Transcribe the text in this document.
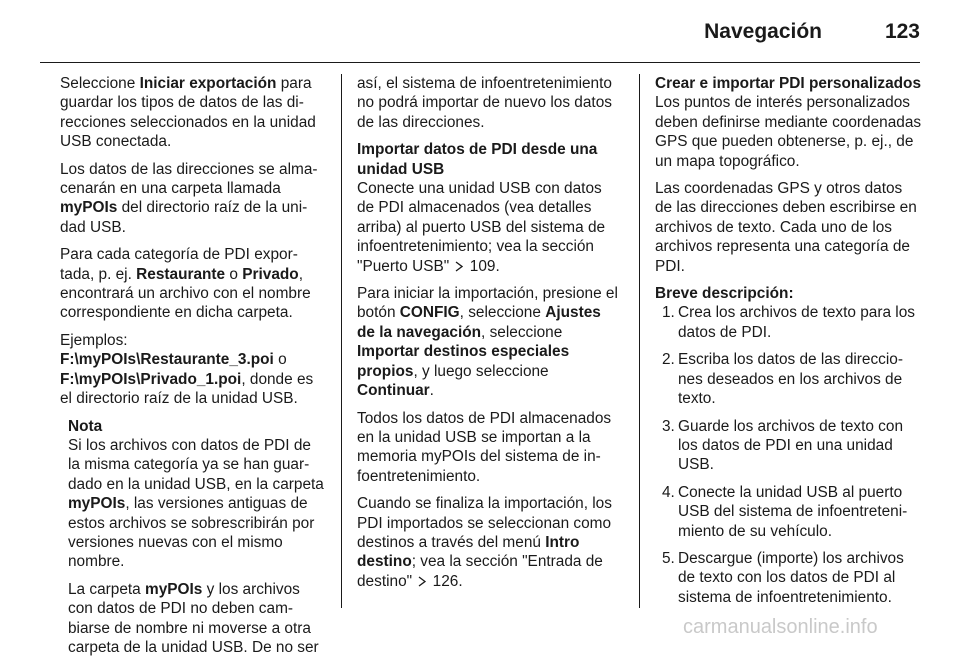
Navegación	123

Seleccione Iniciar exportación para guardar los tipos de datos de las direcciones seleccionados en la unidad USB conectada.

Los datos de las direcciones se almacenarán en una carpeta llamada myPOIs del directorio raíz de la unidad USB.

Para cada categoría de PDI exportada, p. ej. Restaurante o Privado, encontrará un archivo con el nombre correspondiente en dicha carpeta.

Ejemplos:
F:\myPOIs\Restaurante_3.poi o
F:\myPOIs\Privado_1.poi, donde es el directorio raíz de la unidad USB.

Nota

Si los archivos con datos de PDI de la misma categoría ya se han guardado en la unidad USB, en la carpeta myPOIs, las versiones antiguas de estos archivos se sobrescribirán por versiones nuevas con el mismo nombre.

La carpeta myPOIs y los archivos con datos de PDI no deben cambiarse de nombre ni moverse a otra carpeta de la unidad USB. De no ser

así, el sistema de infoentretenimiento no podrá importar de nuevo los datos de las direcciones.

Importar datos de PDI desde una unidad USB

Conecte una unidad USB con datos de PDI almacenados (vea detalles arriba) al puerto USB del sistema de infoentretenimiento; vea la sección "Puerto USB"
109.

Para iniciar la importación, presione el botón CONFIG, seleccione Ajustes de la navegación, seleccione Importar destinos especiales propios, y luego seleccione Continuar.

Todos los datos de PDI almacenados en la unidad USB se importan a la memoria myPOIs del sistema de infoentretenimiento.

Cuando se finaliza la importación, los PDI importados se seleccionan como destinos a través del menú Intro destino; vea la sección "Entrada de destino"
126.

Crear e importar PDI personalizados

Los puntos de interés personalizados deben definirse mediante coordenadas GPS que pueden obtenerse, p. ej., de un mapa topográfico.

Las coordenadas GPS y otros datos de las direcciones deben escribirse en archivos de texto. Cada uno de los archivos representa una categoría de PDI.

Breve descripción:
1. Crea los archivos de texto para los datos de PDI.
2. Escriba los datos de las direcciones deseados en los archivos de texto.
3. Guarde los archivos de texto con los datos de PDI en una unidad USB.
4. Conecte la unidad USB al puerto USB del sistema de infoentretenimiento de su vehículo.
5. Descargue (importe) los archivos de texto con los datos de PDI al sistema de infoentretenimiento.
carmanualsonline.info
